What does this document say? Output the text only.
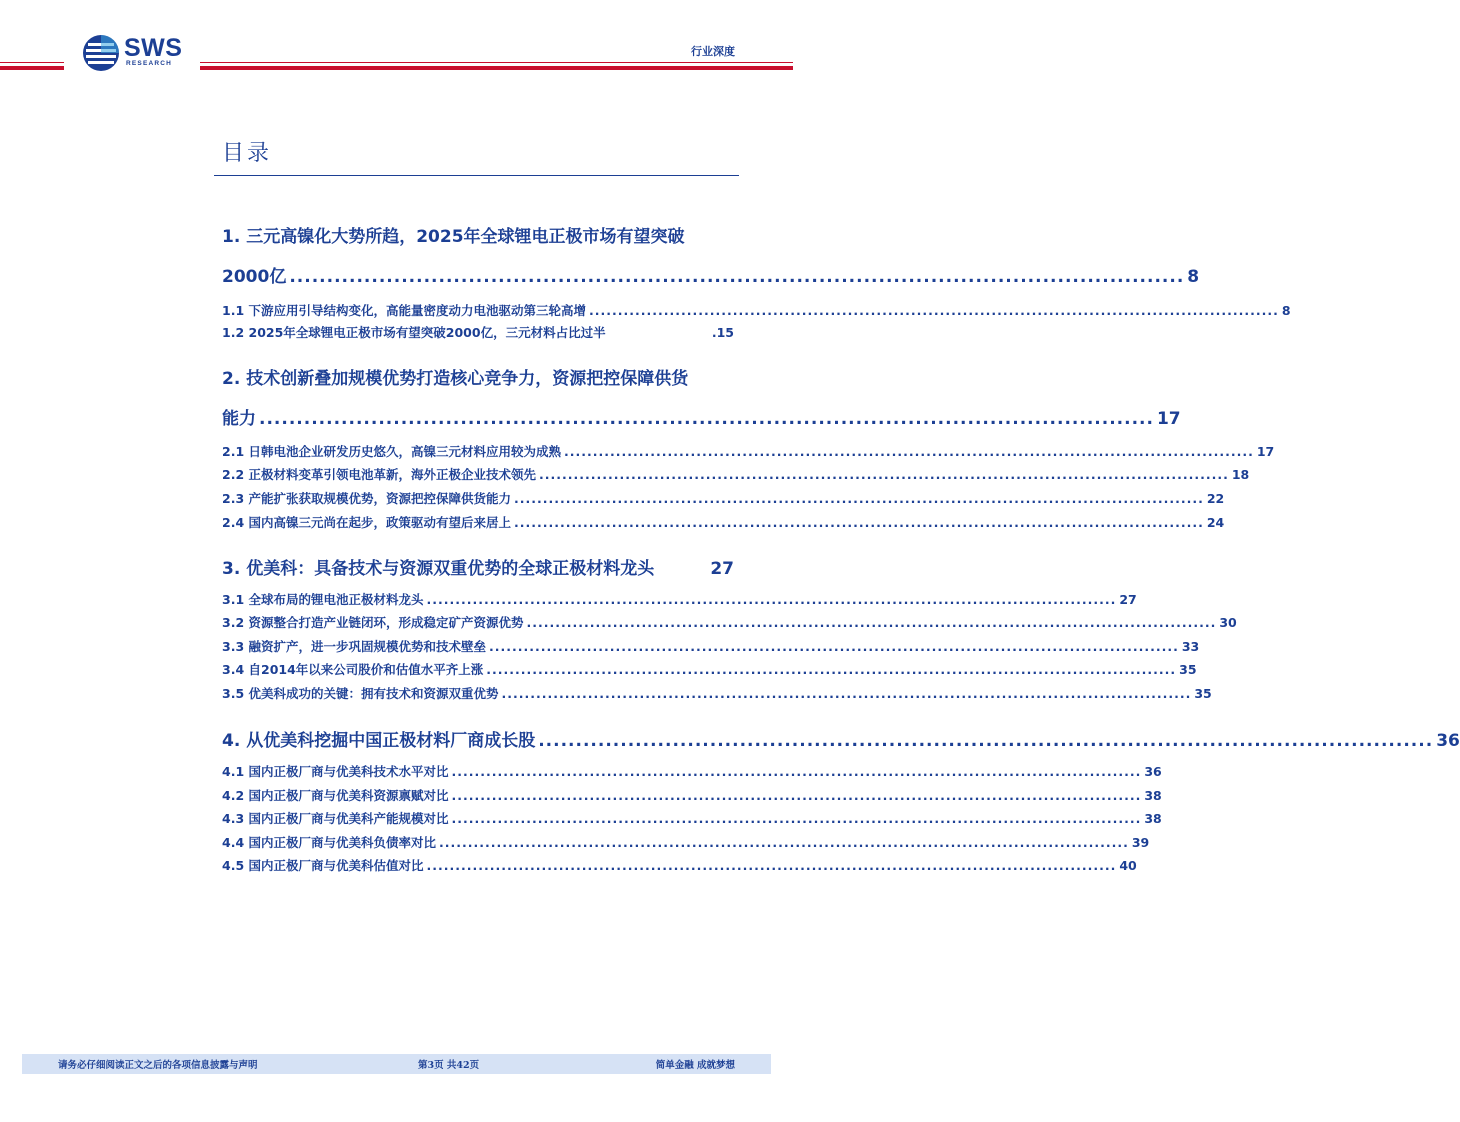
SWS
RESEARCH
行业深度
目录
1. 三元高镍化大势所趋，2025年全球锂电正极市场有望突破
2000亿 ........................................................................................................................ 8
1.1 下游应用引导结构变化，高能量密度动力电池驱动第三轮高增 ........................................................................................................................ 8
1.2 2025年全球锂电正极市场有望突破2000亿，三元材料占比过半	.15
2. 技术创新叠加规模优势打造核心竞争力，资源把控保障供货
能力 ........................................................................................................................ 17
2.1 日韩电池企业研发历史悠久，高镍三元材料应用较为成熟 ........................................................................................................................ 17
2.2 正极材料变革引领电池革新，海外正极企业技术领先 ........................................................................................................................ 18
2.3 产能扩张获取规模优势，资源把控保障供货能力 ........................................................................................................................ 22
2.4 国内高镍三元尚在起步，政策驱动有望后来居上 ........................................................................................................................ 24
3. 优美科：具备技术与资源双重优势的全球正极材料龙头	27
3.1 全球布局的锂电池正极材料龙头 ........................................................................................................................ 27
3.2 资源整合打造产业链闭环，形成稳定矿产资源优势 ........................................................................................................................ 30
3.3 融资扩产，进一步巩固规模优势和技术壁垒 ........................................................................................................................ 33
3.4 自2014年以来公司股价和估值水平齐上涨 ........................................................................................................................ 35
3.5 优美科成功的关键：拥有技术和资源双重优势 ........................................................................................................................ 35
4. 从优美科挖掘中国正极材料厂商成长股 ........................................................................................................................ 36
4.1 国内正极厂商与优美科技术水平对比 ........................................................................................................................ 36
4.2 国内正极厂商与优美科资源禀赋对比 ........................................................................................................................ 38
4.3 国内正极厂商与优美科产能规模对比 ........................................................................................................................ 38
4.4 国内正极厂商与优美科负债率对比 ........................................................................................................................ 39
4.5 国内正极厂商与优美科估值对比 ........................................................................................................................ 40
请务必仔细阅读正文之后的各项信息披露与声明	第3页 共42页	简单金融 成就梦想
